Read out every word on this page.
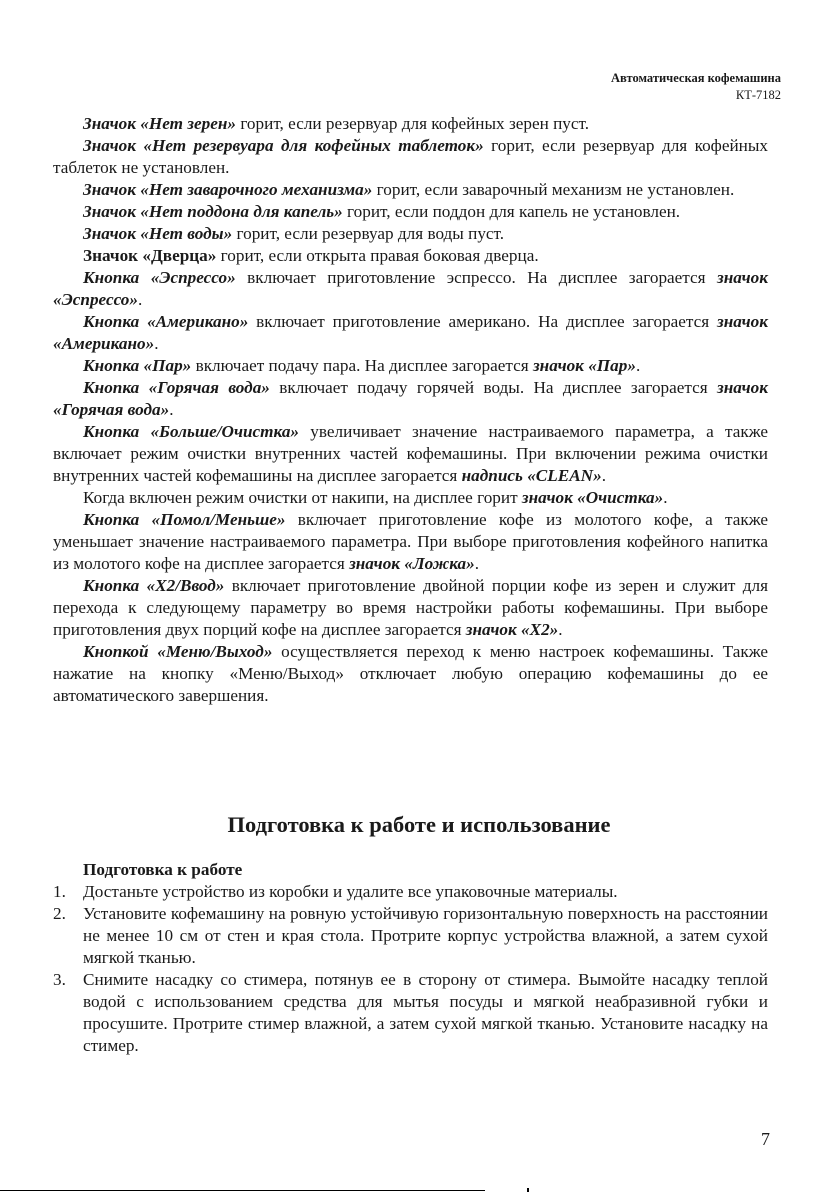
Автоматическая кофемашина
КТ-7182

Значок «Нет зерен» горит, если резервуар для кофейных зерен пуст.

Значок «Нет резервуара для кофейных таблеток» горит, если резервуар для кофейных таблеток не установлен.

Значок «Нет заварочного механизма» горит, если заварочный механизм не установлен.

Значок «Нет поддона для капель» горит, если поддон для капель не установлен.

Значок «Нет воды» горит, если резервуар для воды пуст.

Значок «Дверца» горит, если открыта правая боковая дверца.

Кнопка «Эспрессо» включает приготовление эспрессо. На дисплее загорается значок «Эспрессо».

Кнопка «Американо» включает приготовление американо. На дисплее загорается значок «Американо».

Кнопка «Пар» включает подачу пара. На дисплее загорается значок «Пар».

Кнопка «Горячая вода» включает подачу горячей воды. На дисплее загорается значок «Горячая вода».

Кнопка «Больше/Очистка» увеличивает значение настраиваемого параметра, а также включает режим очистки внутренних частей кофемашины. При включении режима очистки внутренних частей кофемашины на дисплее загорается надпись «CLEAN».

Когда включен режим очистки от накипи, на дисплее горит значок «Очистка».

Кнопка «Помол/Меньше» включает приготовление кофе из молотого кофе, а также уменьшает значение настраиваемого параметра. При выборе приготовления кофейного напитка из молотого кофе на дисплее загорается значок «Ложка».

Кнопка «Х2/Ввод» включает приготовление двойной порции кофе из зерен и служит для перехода к следующему параметру во время настройки работы кофемашины. При выборе приготовления двух порций кофе на дисплее загорается значок «Х2».

Кнопкой «Меню/Выход» осуществляется переход к меню настроек кофемашины. Также нажатие на кнопку «Меню/Выход» отключает любую операцию кофемашины до ее автоматического завершения.

Подготовка к работе и использование
Подготовка к работе
1. Достаньте устройство из коробки и удалите все упаковочные материалы.
2. Установите кофемашину на ровную устойчивую горизонтальную поверхность на расстоянии не менее 10 см от стен и края стола. Протрите корпус устройства влажной, а затем сухой мягкой тканью.
3. Снимите насадку со стимера, потянув ее в сторону от стимера. Вымойте насадку теплой водой с использованием средства для мытья посуды и мягкой неабразивной губки и просушите. Протрите стимер влажной, а затем сухой мягкой тканью. Установите насадку на стимер.
7
